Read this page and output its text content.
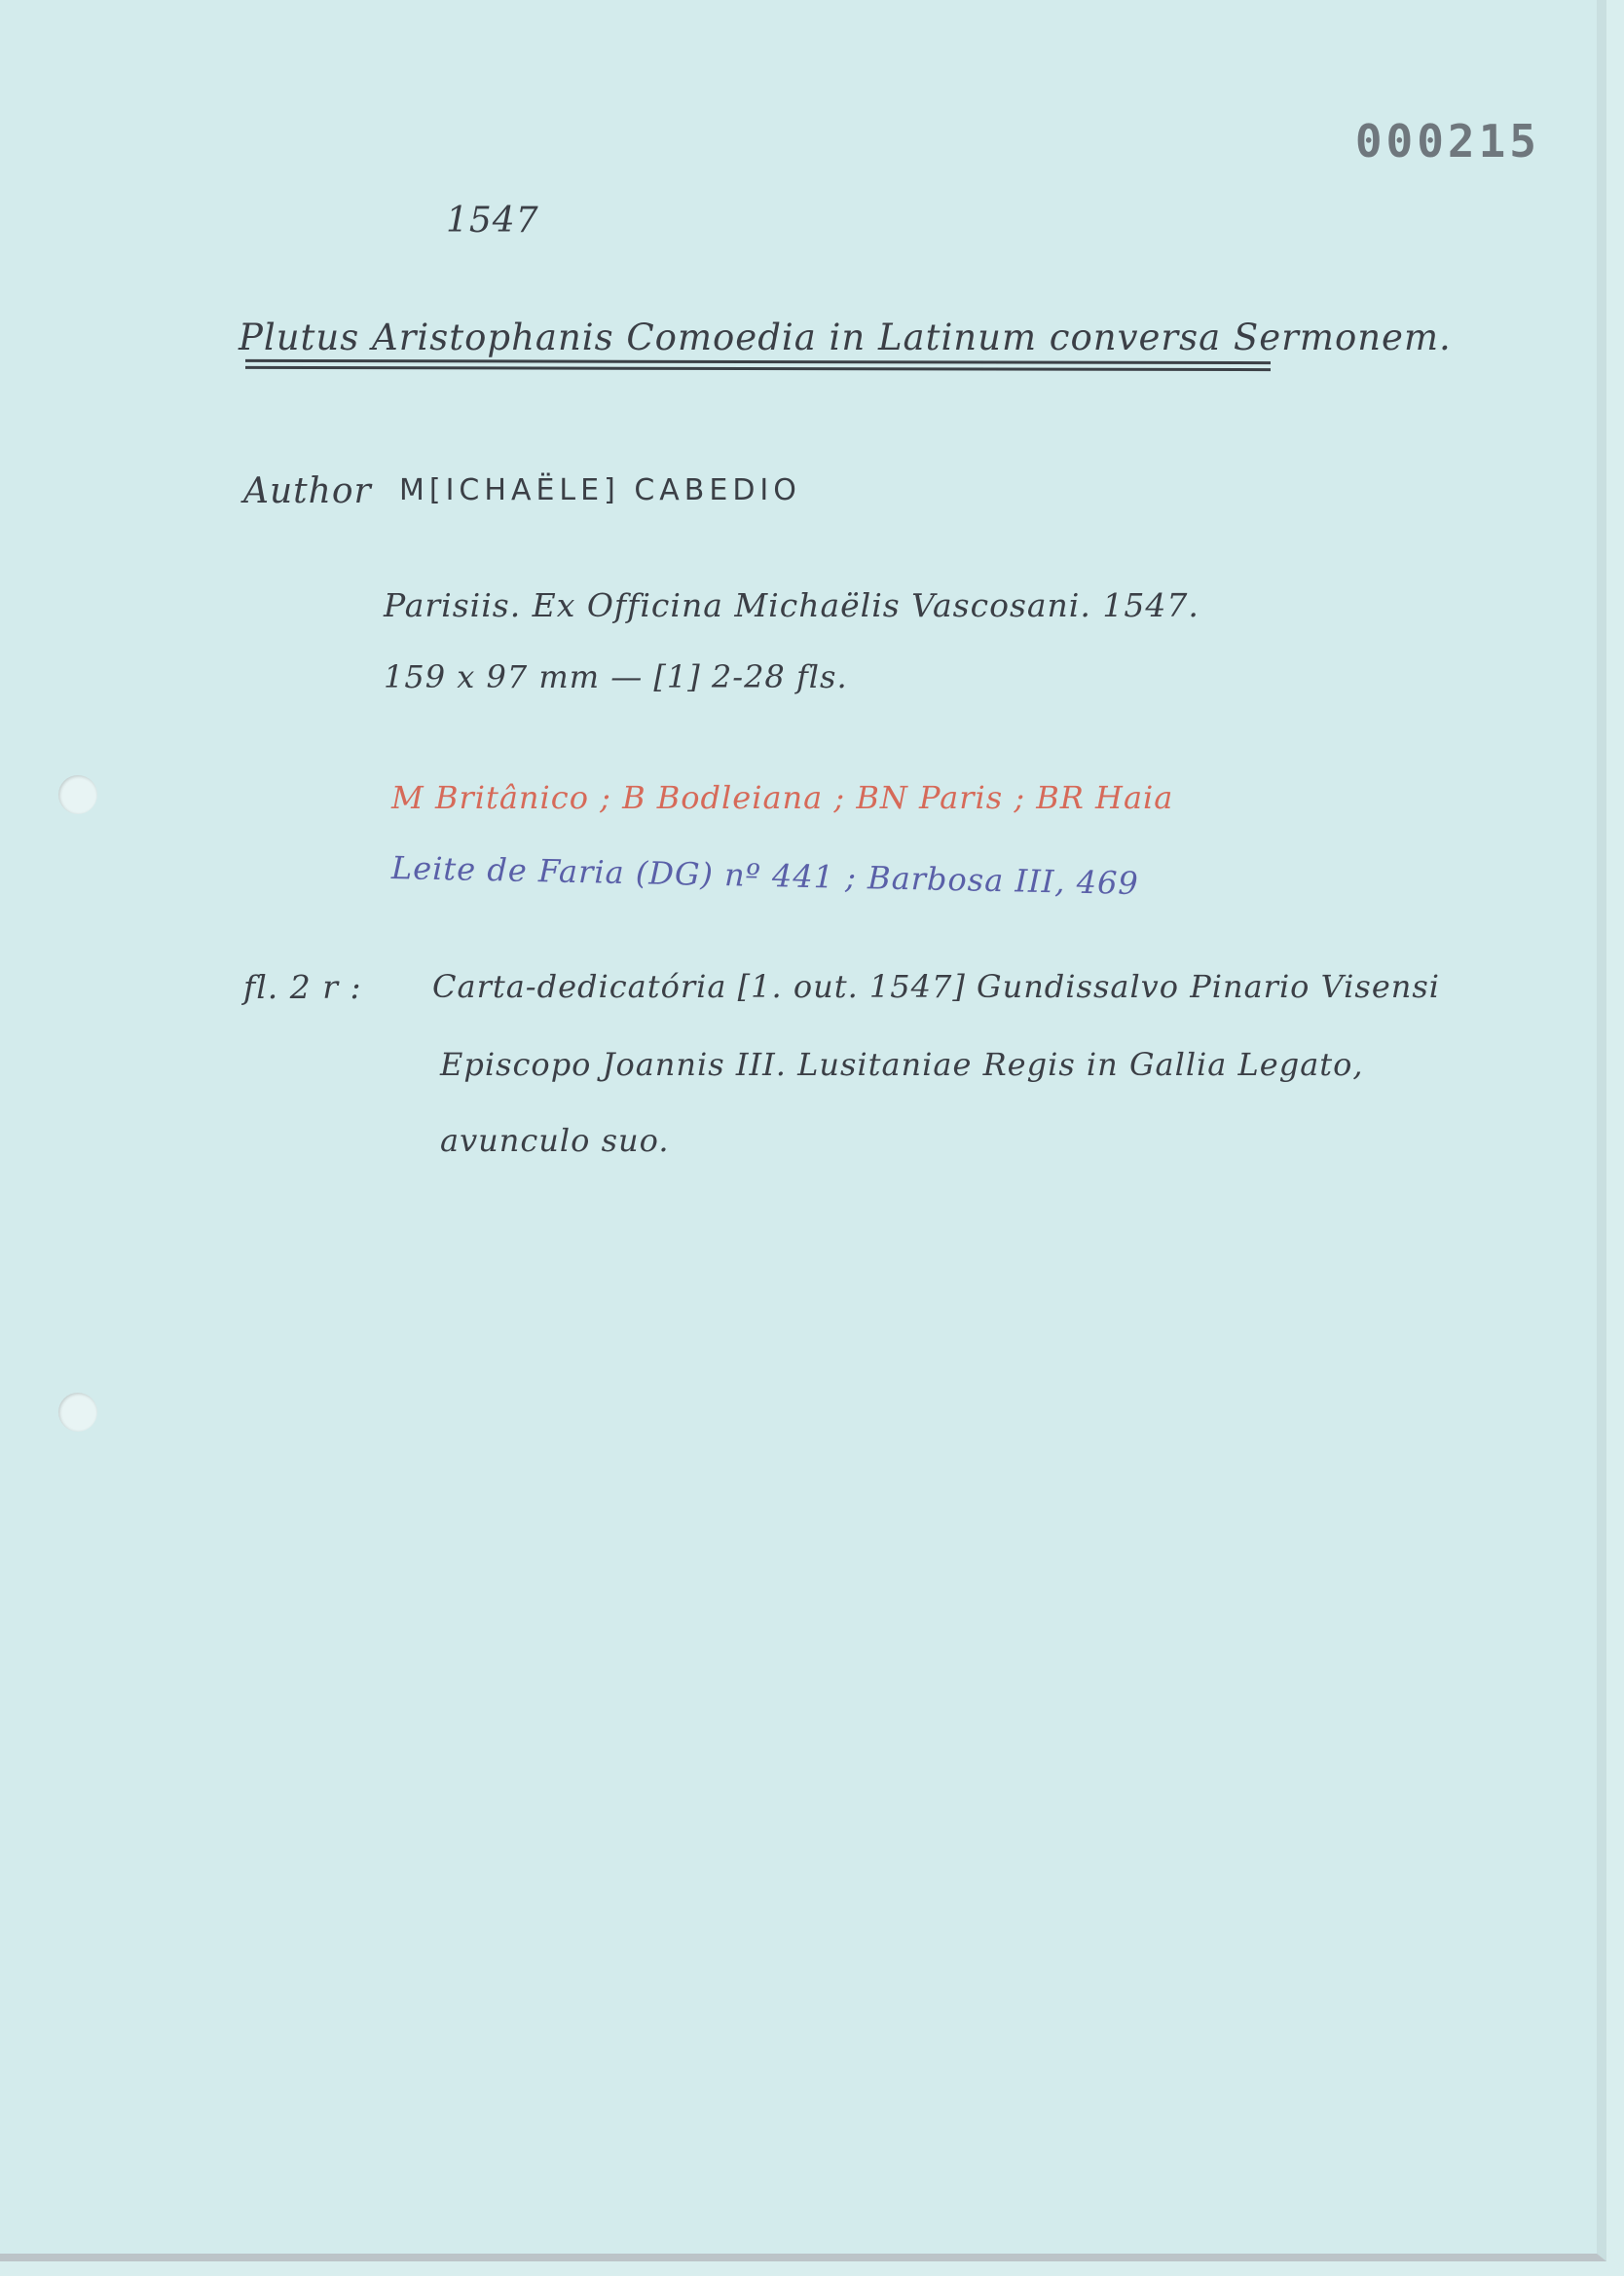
000215
1547
Plutus Aristophanis Comoedia in Latinum conversa Sermonem.
Author M[ICHAËLE] CABEDIO
Parisiis. Ex Officina Michaëlis Vascosani. 1547.
159 x 97 mm — [1] 2-28 fls.
M Britânico ; B Bodleiana ; BN Paris ; BR Haia
Leite de Faria (DG) nº 441 ; Barbosa III, 469
fl. 2 r : Carta-dedicatória [1. out. 1547] Gundissalvo Pinario Visensi
Episcopo Joannis III. Lusitaniae Regis in Gallia Legato,
avunculo suo.
